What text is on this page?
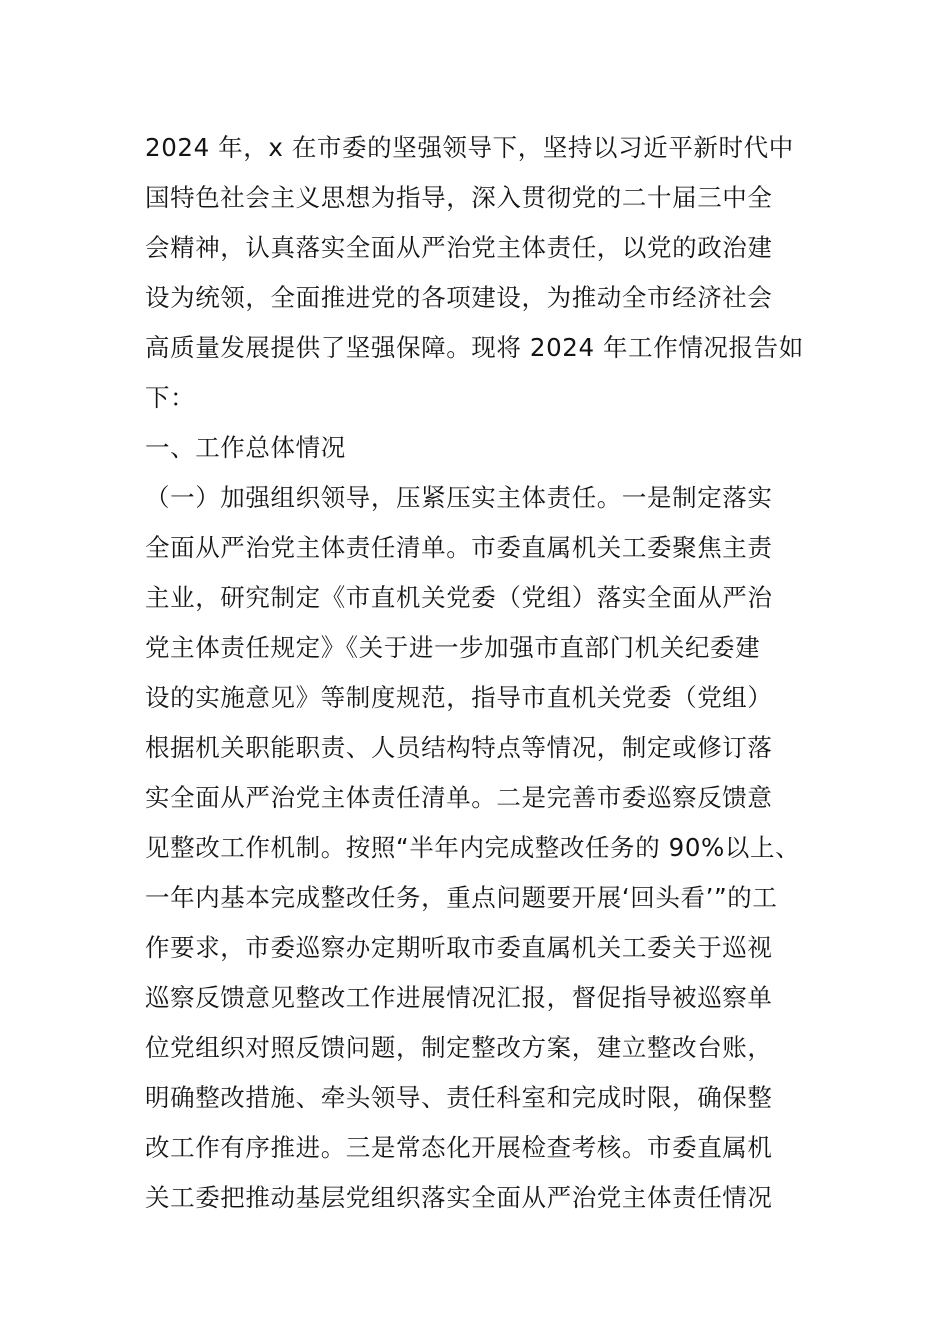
2024 年，x 在市委的坚强领导下，坚持以习近平新时代中
国特色社会主义思想为指导，深入贯彻党的二十届三中全
会精神，认真落实全面从严治党主体责任，以党的政治建
设为统领，全面推进党的各项建设，为推动全市经济社会
高质量发展提供了坚强保障。现将 2024 年工作情况报告如
下：
一、工作总体情况
（一）加强组织领导，压紧压实主体责任。一是制定落实
全面从严治党主体责任清单。市委直属机关工委聚焦主责
主业，研究制定《市直机关党委（党组）落实全面从严治
党主体责任规定》《关于进一步加强市直部门机关纪委建
设的实施意见》等制度规范，指导市直机关党委（党组）
根据机关职能职责、人员结构特点等情况，制定或修订落
实全面从严治党主体责任清单。二是完善市委巡察反馈意
见整改工作机制。按照“半年内完成整改任务的 90%以上、
一年内基本完成整改任务，重点问题要开展‘回头看’”的工
作要求，市委巡察办定期听取市委直属机关工委关于巡视
巡察反馈意见整改工作进展情况汇报，督促指导被巡察单
位党组织对照反馈问题，制定整改方案，建立整改台账，
明确整改措施、牵头领导、责任科室和完成时限，确保整
改工作有序推进。三是常态化开展检查考核。市委直属机
关工委把推动基层党组织落实全面从严治党主体责任情况
